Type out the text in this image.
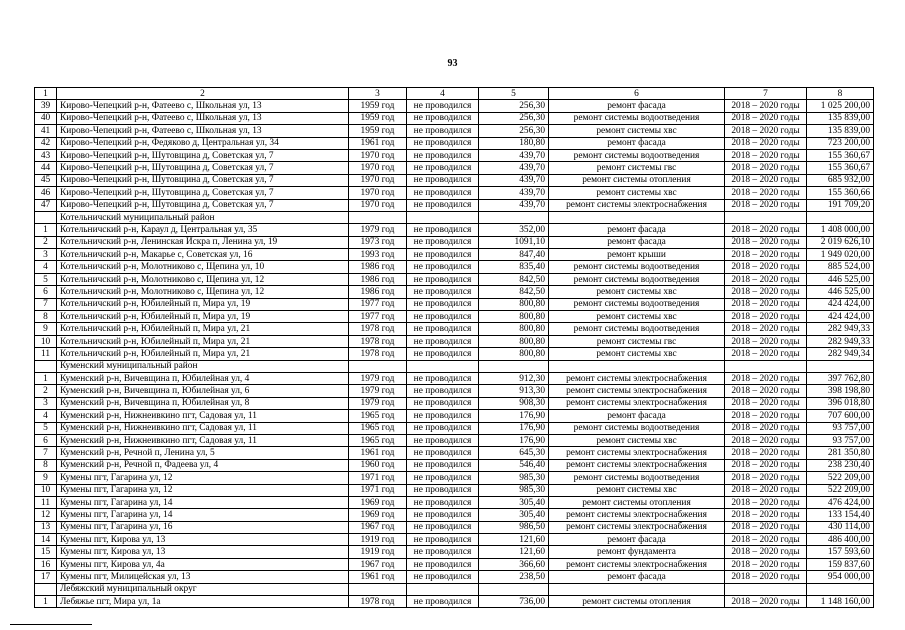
93
1	2	3	4	5	6	7	8
39	Кирово-Чепецкий р-н, Фатеево с, Школьная ул, 13	1959 год	не проводился	256,30	ремонт фасада	2018 – 2020 годы	1 025 200,00
40	Кирово-Чепецкий р-н, Фатеево с, Школьная ул, 13	1959 год	не проводился	256,30	ремонт системы водоотведения	2018 – 2020 годы	135 839,00
41	Кирово-Чепецкий р-н, Фатеево с, Школьная ул, 13	1959 год	не проводился	256,30	ремонт системы хвс	2018 – 2020 годы	135 839,00
42	Кирово-Чепецкий р-н, Федяково д, Центральная ул, 34	1961 год	не проводился	180,80	ремонт фасада	2018 – 2020 годы	723 200,00
43	Кирово-Чепецкий р-н, Шутовщина д, Советская ул, 7	1970 год	не проводился	439,70	ремонт системы водоотведения	2018 – 2020 годы	155 360,67
44	Кирово-Чепецкий р-н, Шутовщина д, Советская ул, 7	1970 год	не проводился	439,70	ремонт системы гвс	2018 – 2020 годы	155 360,67
45	Кирово-Чепецкий р-н, Шутовщина д, Советская ул, 7	1970 год	не проводился	439,70	ремонт системы отопления	2018 – 2020 годы	685 932,00
46	Кирово-Чепецкий р-н, Шутовщина д, Советская ул, 7	1970 год	не проводился	439,70	ремонт системы хвс	2018 – 2020 годы	155 360,66
47	Кирово-Чепецкий р-н, Шутовщина д, Советская ул, 7	1970 год	не проводился	439,70	ремонт системы электроснабжения	2018 – 2020 годы	191 709,20
	Котельничский муниципальный район						
1	Котельничский р-н, Караул д, Центральная ул, 35	1979 год	не проводился	352,00	ремонт фасада	2018 – 2020 годы	1 408 000,00
2	Котельничский р-н, Ленинская Искра п, Ленина ул, 19	1973 год	не проводился	1091,10	ремонт фасада	2018 – 2020 годы	2 019 626,10
3	Котельничский р-н, Макарье с, Советская ул, 16	1993 год	не проводился	847,40	ремонт крыши	2018 – 2020 годы	1 949 020,00
4	Котельничский р-н, Молотниково с, Щепина ул, 10	1986 год	не проводился	835,40	ремонт системы водоотведения	2018 – 2020 годы	885 524,00
5	Котельничский р-н, Молотниково с, Щепина ул, 12	1986 год	не проводился	842,50	ремонт системы водоотведения	2018 – 2020 годы	446 525,00
6	Котельничский р-н, Молотниково с, Щепина ул, 12	1986 год	не проводился	842,50	ремонт системы хвс	2018 – 2020 годы	446 525,00
7	Котельничский р-н, Юбилейный п, Мира ул, 19	1977 год	не проводился	800,80	ремонт системы водоотведения	2018 – 2020 годы	424 424,00
8	Котельничский р-н, Юбилейный п, Мира ул, 19	1977 год	не проводился	800,80	ремонт системы хвс	2018 – 2020 годы	424 424,00
9	Котельничский р-н, Юбилейный п, Мира ул, 21	1978 год	не проводился	800,80	ремонт системы водоотведения	2018 – 2020 годы	282 949,33
10	Котельничский р-н, Юбилейный п, Мира ул, 21	1978 год	не проводился	800,80	ремонт системы гвс	2018 – 2020 годы	282 949,33
11	Котельничский р-н, Юбилейный п, Мира ул, 21	1978 год	не проводился	800,80	ремонт системы хвс	2018 – 2020 годы	282 949,34
	Куменский муниципальный район						
1	Куменский р-н, Вичевщина п, Юбилейная ул, 4	1979 год	не проводился	912,30	ремонт системы электроснабжения	2018 – 2020 годы	397 762,80
2	Куменский р-н, Вичевщина п, Юбилейная ул, 6	1979 год	не проводился	913,30	ремонт системы электроснабжения	2018 – 2020 годы	398 198,80
3	Куменский р-н, Вичевщина п, Юбилейная ул, 8	1979 год	не проводился	908,30	ремонт системы электроснабжения	2018 – 2020 годы	396 018,80
4	Куменский р-н, Нижнеивкино пгт, Садовая ул, 11	1965 год	не проводился	176,90	ремонт фасада	2018 – 2020 годы	707 600,00
5	Куменский р-н, Нижнеивкино пгт, Садовая ул, 11	1965 год	не проводился	176,90	ремонт системы водоотведения	2018 – 2020 годы	93 757,00
6	Куменский р-н, Нижнеивкино пгт, Садовая ул, 11	1965 год	не проводился	176,90	ремонт системы хвс	2018 – 2020 годы	93 757,00
7	Куменский р-н, Речной п, Ленина ул, 5	1961 год	не проводился	645,30	ремонт системы электроснабжения	2018 – 2020 годы	281 350,80
8	Куменский р-н, Речной п, Фадеева ул, 4	1960 год	не проводился	546,40	ремонт системы электроснабжения	2018 – 2020 годы	238 230,40
9	Кумены пгт, Гагарина ул, 12	1971 год	не проводился	985,30	ремонт системы водоотведения	2018 – 2020 годы	522 209,00
10	Кумены пгт, Гагарина ул, 12	1971 год	не проводился	985,30	ремонт системы хвс	2018 – 2020 годы	522 209,00
11	Кумены пгт, Гагарина ул, 14	1969 год	не проводился	305,40	ремонт системы отопления	2018 – 2020 годы	476 424,00
12	Кумены пгт, Гагарина ул, 14	1969 год	не проводился	305,40	ремонт системы электроснабжения	2018 – 2020 годы	133 154,40
13	Кумены пгт, Гагарина ул, 16	1967 год	не проводился	986,50	ремонт системы электроснабжения	2018 – 2020 годы	430 114,00
14	Кумены пгт, Кирова ул, 13	1919 год	не проводился	121,60	ремонт фасада	2018 – 2020 годы	486 400,00
15	Кумены пгт, Кирова ул, 13	1919 год	не проводился	121,60	ремонт фундамента	2018 – 2020 годы	157 593,60
16	Кумены пгт, Кирова ул, 4а	1967 год	не проводился	366,60	ремонт системы электроснабжения	2018 – 2020 годы	159 837,60
17	Кумены пгт, Милицейская ул, 13	1961 год	не проводился	238,50	ремонт фасада	2018 – 2020 годы	954 000,00
	Лебяжский муниципальный округ						
1	Лебяжье пгт, Мира ул, 1а	1978 год	не проводился	736,00	ремонт системы отопления	2018 – 2020 годы	1 148 160,00
